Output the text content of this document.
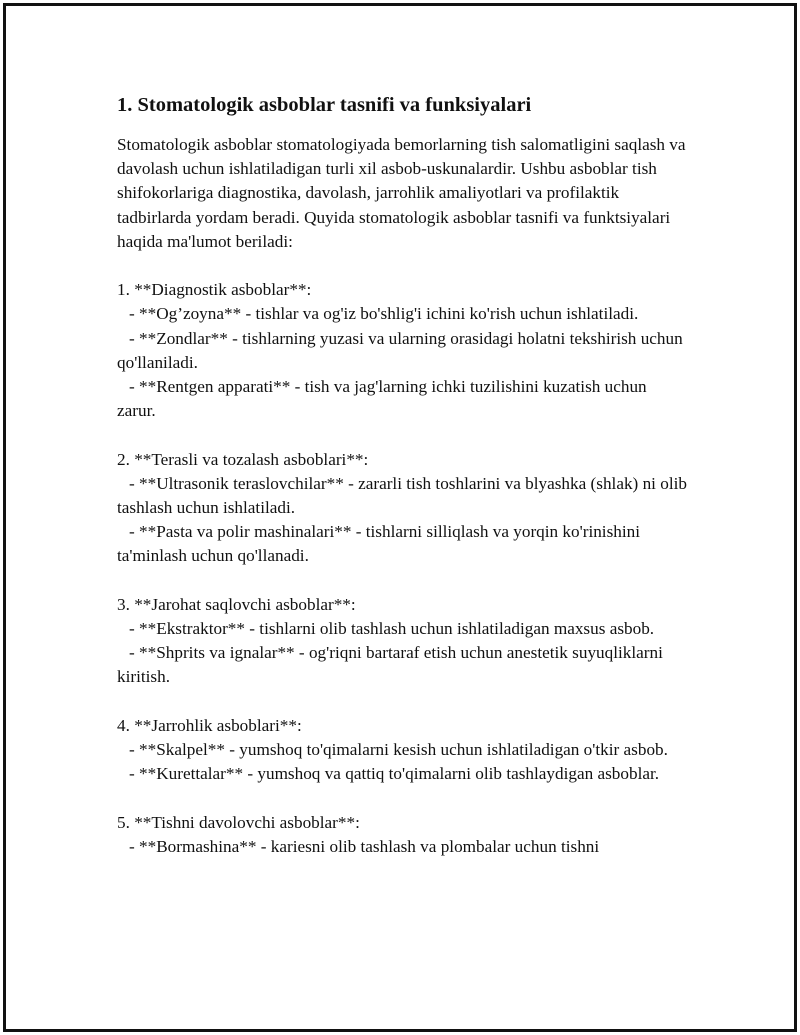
1. Stomatologik asboblar tasnifi va funksiyalari

Stomatologik asboblar stomatologiyada bemorlarning tish salomatligini saqlash va davolash uchun ishlatiladigan turli xil asbob-uskunalardir. Ushbu asboblar tish shifokorlariga diagnostika, davolash, jarrohlik amaliyotlari va profilaktik tadbirlarda yordam beradi. Quyida stomatologik asboblar tasnifi va funktsiyalari haqida ma'lumot beriladi:

1. **Diagnostik asboblar**:

- **Og’zoyna** - tishlar va og'iz bo'shlig'i ichini ko'rish uchun ishlatiladi.

- **Zondlar** - tishlarning yuzasi va ularning orasidagi holatni tekshirish uchun qo'llaniladi.

- **Rentgen apparati** - tish va jag'larning ichki tuzilishini kuzatish uchun zarur.

2. **Terasli va tozalash asboblari**:

- **Ultrasonik teraslovchilar** - zararli tish toshlarini va blyashka (shlak) ni olib tashlash uchun ishlatiladi.

- **Pasta va polir mashinalari** - tishlarni silliqlash va yorqin ko'rinishini ta'minlash uchun qo'llanadi.

3. **Jarohat saqlovchi asboblar**:

- **Ekstraktor** - tishlarni olib tashlash uchun ishlatiladigan maxsus asbob.

- **Shprits va ignalar** - og'riqni bartaraf etish uchun anestetik suyuqliklarni kiritish.

4. **Jarrohlik asboblari**:

- **Skalpel** - yumshoq to'qimalarni kesish uchun ishlatiladigan o'tkir asbob.

- **Kurettalar** - yumshoq va qattiq to'qimalarni olib tashlaydigan asboblar.

5. **Tishni davolovchi asboblar**:

- **Bormashina** - kariesni olib tashlash va plombalar uchun tishni
